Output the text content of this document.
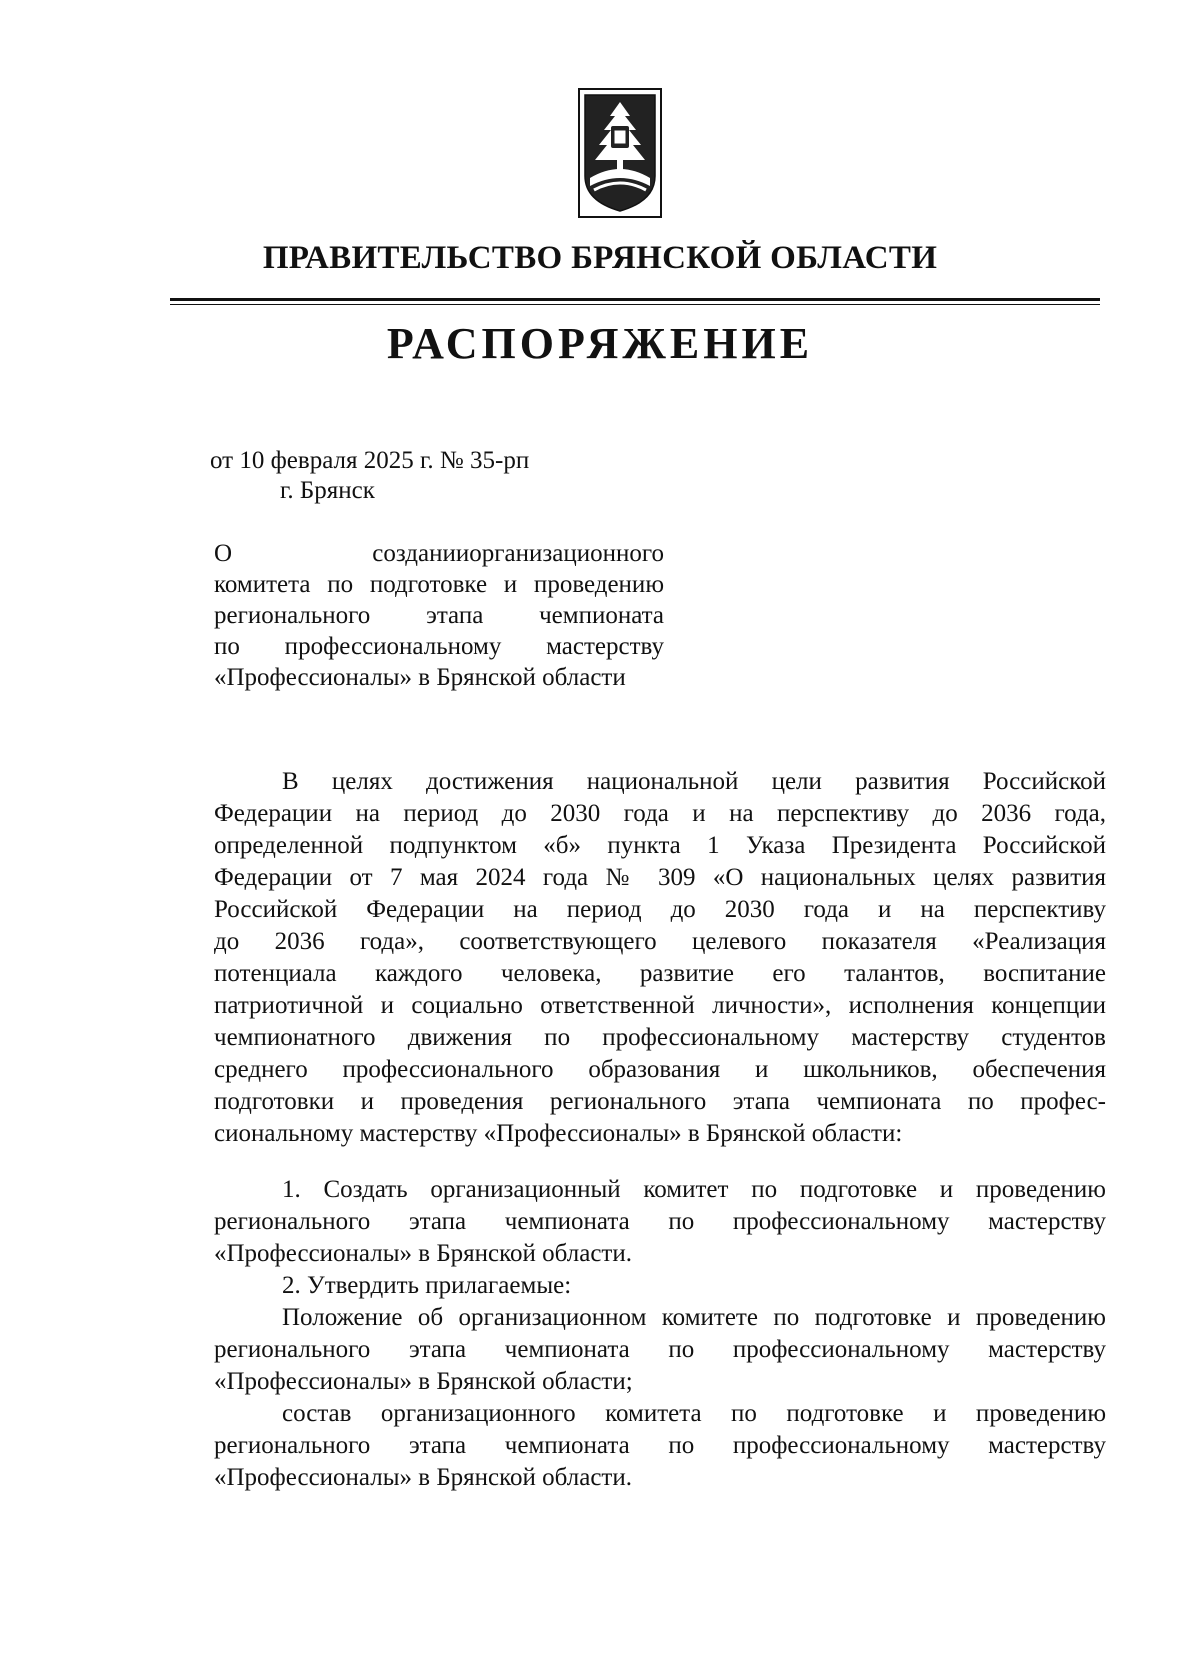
ПРАВИТЕЛЬСТВО БРЯНСКОЙ ОБЛАСТИ
РАСПОРЯЖЕНИЕ
от 10 февраля 2025 г. № 35-рп
г. Брянск
О созданииорганизационного
комитета по подготовке и проведению
регионального этапа чемпионата
по профессиональному мастерству
«Профессионалы» в Брянской области
В целях достижения национальной цели развития Российской
Федерации на период до 2030 года и на перспективу до 2036 года,
определенной подпунктом «б» пункта 1 Указа Президента Российской
Федерации от 7 мая 2024 года № 309 «О национальных целях развития
Российской Федерации на период до 2030 года и на перспективу
до 2036 года», соответствующего целевого показателя «Реализация
потенциала каждого человека, развитие его талантов, воспитание
патриотичной и социально ответственной личности», исполнения концепции
чемпионатного движения по профессиональному мастерству студентов
среднего профессионального образования и школьников, обеспечения
подготовки и проведения регионального этапа чемпионата по профес-
сиональному мастерству «Профессионалы» в Брянской области:
1. Создать организационный комитет по подготовке и проведению
регионального этапа чемпионата по профессиональному мастерству
«Профессионалы» в Брянской области.
2. Утвердить прилагаемые:
Положение об организационном комитете по подготовке и проведению
регионального этапа чемпионата по профессиональному мастерству
«Профессионалы» в Брянской области;
состав организационного комитета по подготовке и проведению
регионального этапа чемпионата по профессиональному мастерству
«Профессионалы» в Брянской области.
